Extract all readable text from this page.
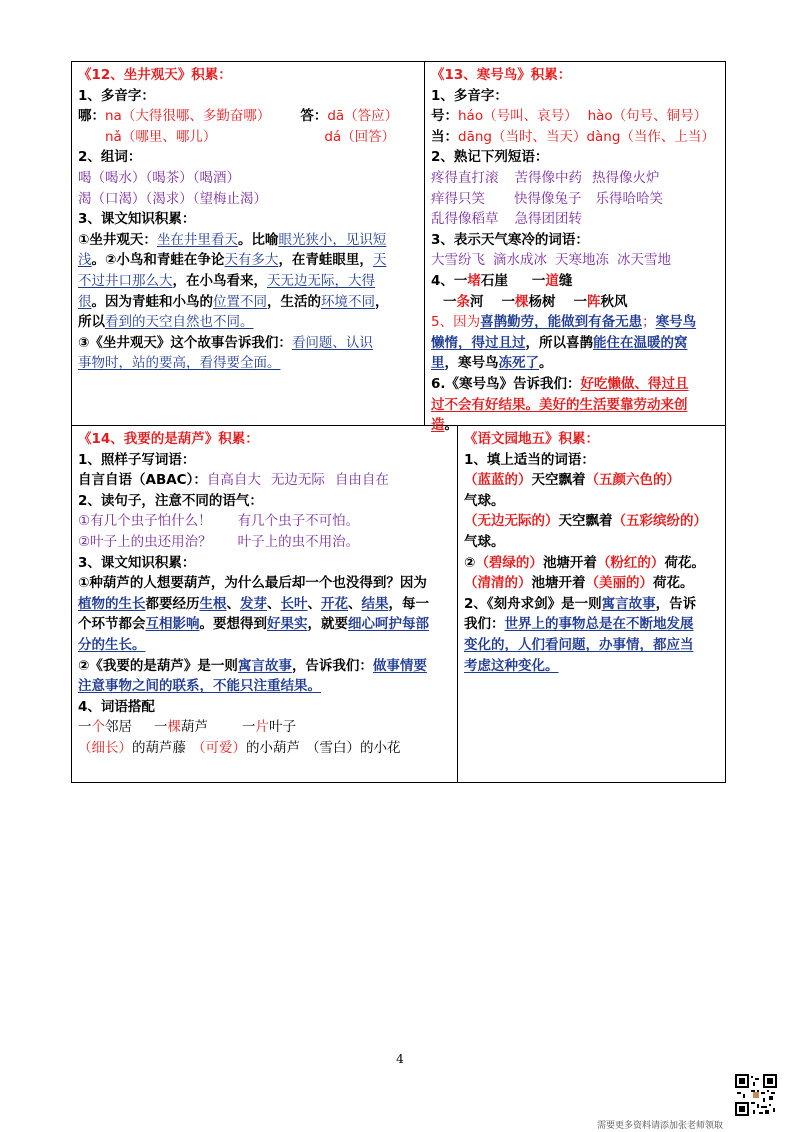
《12、坐井观天》积累：
1、多音字：
哪：na（大得很哪、多勤奋哪） 答：dā（答应）
nǎ（哪里、哪儿）	dá（回答）
2、组词：
喝（喝水）（喝茶）（喝酒）
渴（口渴）（渴求）（望梅止渴）
3、课文知识积累：
①坐井观天：坐在井里看天。比喻眼光狭小，见识短
浅。②小鸟和青蛙在争论天有多大，在青蛙眼里，天
不过井口那么大，在小鸟看来，天无边无际，大得
很。因为青蛙和小鸟的位置不同，生活的环境不同，
所以看到的天空自然也不同。
③《坐井观天》这个故事告诉我们：看问题、认识
事物时，站的要高，看得要全面。
《13、寒号鸟》积累：
1、多音字：
号：háo（号叫、哀号） hào（句号、铜号）
当：dāng（当时、当天）dàng（当作、上当）
2、熟记下列短语：
疼得直打滚 苦得像中药 热得像火炉
痒得只笑 快得像兔子 乐得哈哈笑
乱得像稻草 急得团团转
3、表示天气寒冷的词语：
大雪纷飞 滴水成冰 天寒地冻 冰天雪地
4、一堵石崖 一道缝
一条河 一棵杨树 一阵秋风
5、因为喜鹊勤劳，能做到有备无患；寒号鸟
懒惰，得过且过，所以喜鹊能住在温暖的窝
里，寒号鸟冻死了。
6.《寒号鸟》告诉我们：好吃懒做、得过且
过不会有好结果。美好的生活要靠劳动来创
造。
《14、我要的是葫芦》积累：
1、照样子写词语：
自言自语（ABAC）：自高自大 无边无际 自由自在
2、读句子，注意不同的语气：
①有几个虫子怕什么！ 有几个虫子不可怕。
②叶子上的虫还用治？ 叶子上的虫不用治。
3、课文知识积累：
①种葫芦的人想要葫芦，为什么最后却一个也没得到？因为
植物的生长都要经历生根、发芽、长叶、开花、结果，每一
个环节都会互相影响。要想得到好果实，就要细心呵护每部
分的生长。
②《我要的是葫芦》是一则寓言故事，告诉我们：做事情要
注意事物之间的联系，不能只注重结果。
4、词语搭配
一个邻居 一棵葫芦	一片叶子
（细长）的葫芦藤 （可爱）的小葫芦 （雪白）的小花
《语文园地五》积累：
1、填上适当的词语：
（蓝蓝的）天空飘着（五颜六色的）
气球。
（无边无际的）天空飘着（五彩缤纷的）
气球。
②（碧绿的）池塘开着（粉红的）荷花。
（清清的）池塘开着（美丽的）荷花。
2、《刻舟求剑》是一则寓言故事，告诉
我们：世界上的事物总是在不断地发展
变化的，人们看问题，办事情，都应当
考虑这种变化。
4
需要更多资料请添加张老师领取
